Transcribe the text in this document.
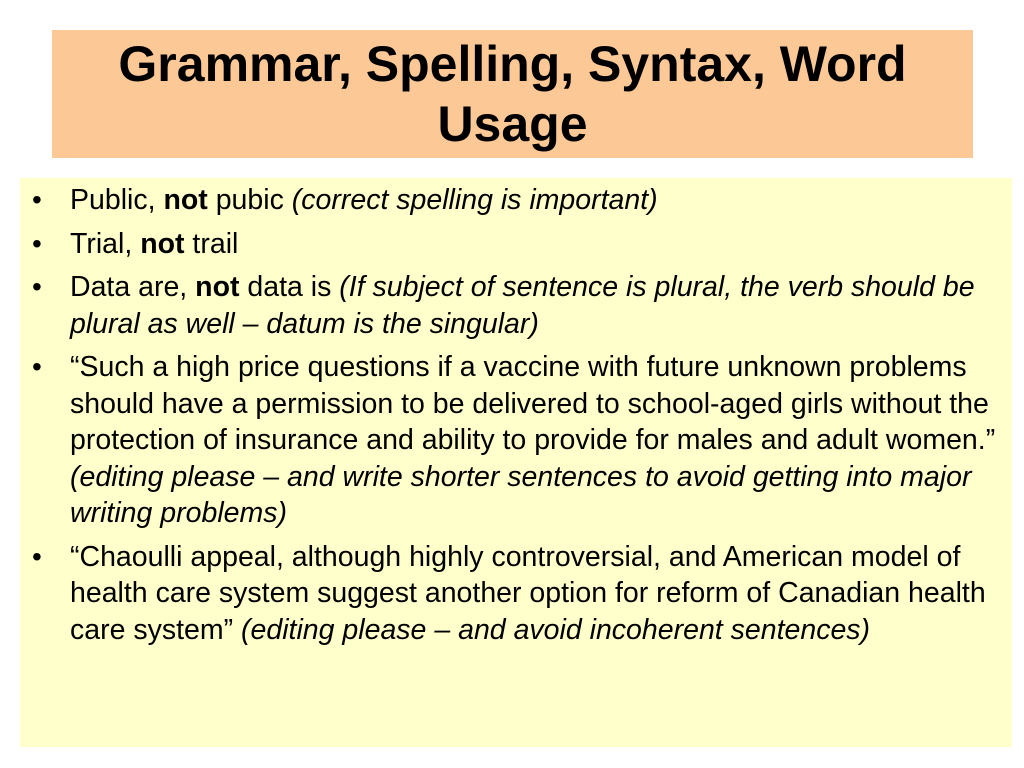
Grammar, Spelling, Syntax, Word Usage
• Public, not pubic (correct spelling is important)
• Trial, not trail
• Data are, not data is (If subject of sentence is plural, the verb should be plural as well – datum is the singular)
• “Such a high price questions if a vaccine with future unknown problems should have a permission to be delivered to school-aged girls without the protection of insurance and ability to provide for males and adult women.” (editing please – and write shorter sentences to avoid getting into major writing problems)
• “Chaoulli appeal, although highly controversial, and American model of health care system suggest another option for reform of Canadian health care system” (editing please – and avoid incoherent sentences)
